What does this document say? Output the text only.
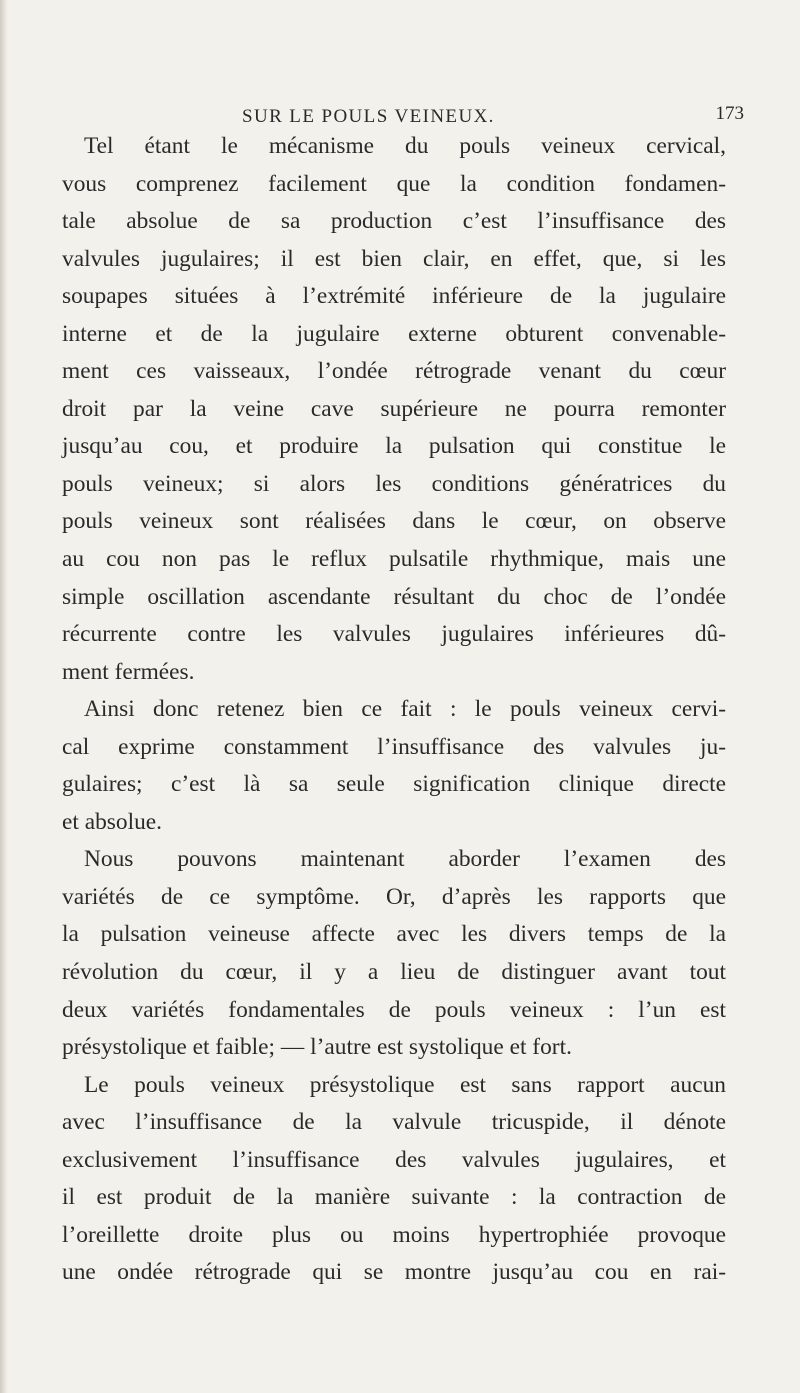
SUR LE POULS VEINEUX.	173
Tel étant le mécanisme du pouls veineux cervical,
vous comprenez facilement que la condition fondamen-
tale absolue de sa production c’est l’insuffisance des
valvules jugulaires; il est bien clair, en effet, que, si les
soupapes situées à l’extrémité inférieure de la jugulaire
interne et de la jugulaire externe obturent convenable-
ment ces vaisseaux, l’ondée rétrograde venant du cœur
droit par la veine cave supérieure ne pourra remonter
jusqu’au cou, et produire la pulsation qui constitue le
pouls veineux; si alors les conditions génératrices du
pouls veineux sont réalisées dans le cœur, on observe
au cou non pas le reflux pulsatile rhythmique, mais une
simple oscillation ascendante résultant du choc de l’ondée
récurrente contre les valvules jugulaires inférieures dû-
ment fermées.
Ainsi donc retenez bien ce fait : le pouls veineux cervi-
cal exprime constamment l’insuffisance des valvules ju-
gulaires; c’est là sa seule signification clinique directe
et absolue.
Nous pouvons maintenant aborder l’examen des
variétés de ce symptôme. Or, d’après les rapports que
la pulsation veineuse affecte avec les divers temps de la
révolution du cœur, il y a lieu de distinguer avant tout
deux variétés fondamentales de pouls veineux : l’un est
présystolique et faible; — l’autre est systolique et fort.
Le pouls veineux présystolique est sans rapport aucun
avec l’insuffisance de la valvule tricuspide, il dénote
exclusivement l’insuffisance des valvules jugulaires, et
il est produit de la manière suivante : la contraction de
l’oreillette droite plus ou moins hypertrophiée provoque
une ondée rétrograde qui se montre jusqu’au cou en rai-
